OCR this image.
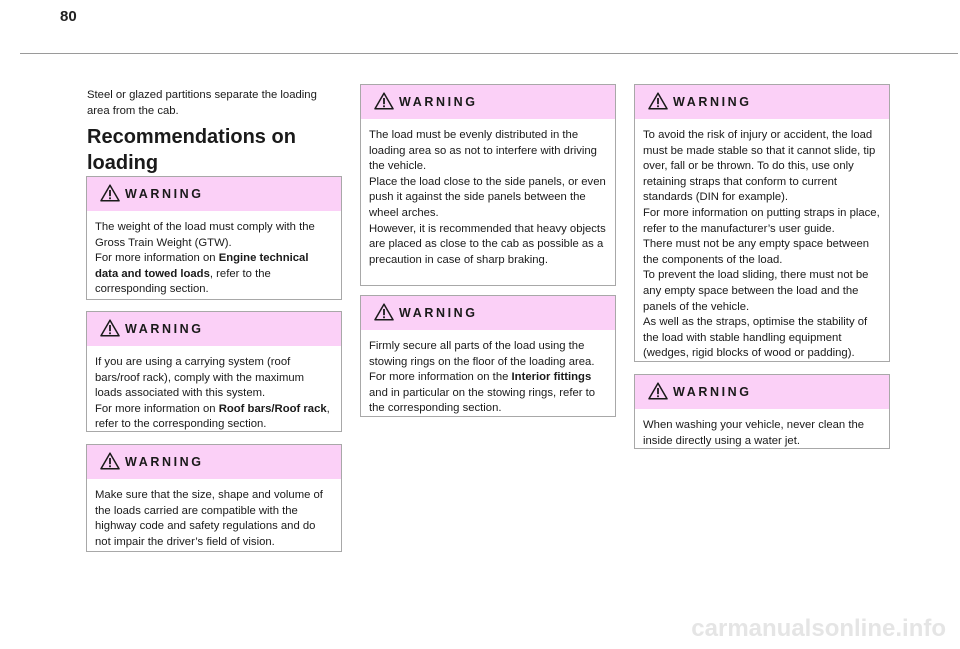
80
Steel or glazed partitions separate the loading area from the cab.
Recommendations on loading
WARNING

The weight of the load must comply with the Gross Train Weight (GTW).

For more information on Engine technical data and towed loads, refer to the corresponding section.

WARNING

If you are using a carrying system (roof bars/roof rack), comply with the maximum loads associated with this system.

For more information on Roof bars/Roof rack, refer to the corresponding section.

WARNING

Make sure that the size, shape and volume of the loads carried are compatible with the highway code and safety regulations and do not impair the driver’s field of vision.

WARNING

The load must be evenly distributed in the loading area so as not to interfere with driving the vehicle.

Place the load close to the side panels, or even push it against the side panels between the wheel arches.

However, it is recommended that heavy objects are placed as close to the cab as possible as a precaution in case of sharp braking.

WARNING

Firmly secure all parts of the load using the stowing rings on the floor of the loading area.

For more information on the Interior fittings and in particular on the stowing rings, refer to the corresponding section.

WARNING

To avoid the risk of injury or accident, the load must be made stable so that it cannot slide, tip over, fall or be thrown. To do this, use only retaining straps that conform to current standards (DIN for example).

For more information on putting straps in place, refer to the manufacturer’s user guide.

There must not be any empty space between the components of the load.

To prevent the load sliding, there must not be any empty space between the load and the panels of the vehicle.

As well as the straps, optimise the stability of the load with stable handling equipment (wedges, rigid blocks of wood or padding).

WARNING

When washing your vehicle, never clean the inside directly using a water jet.

carmanualsonline.info
